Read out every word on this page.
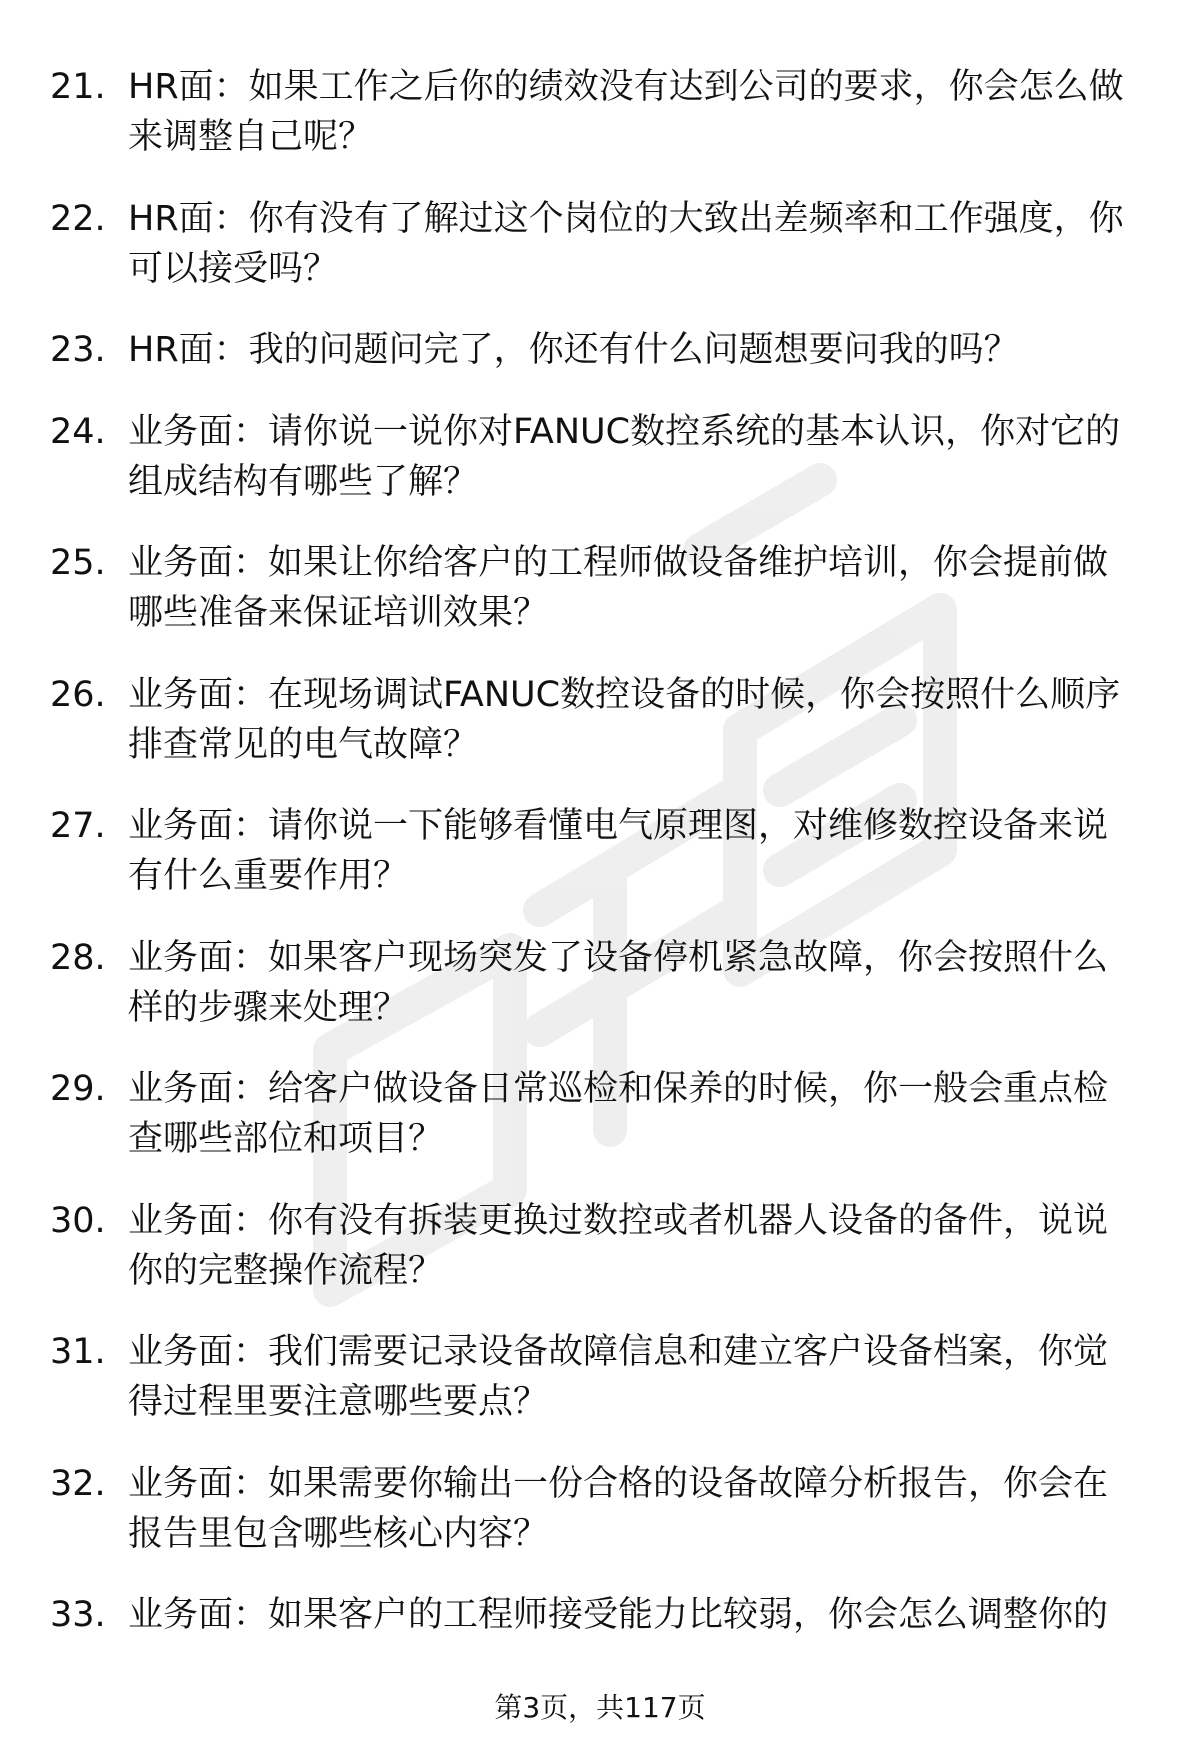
21. HR面：如果工作之后你的绩效没有达到公司的要求，你会怎么做
来调整自己呢？
22. HR面：你有没有了解过这个岗位的大致出差频率和工作强度，你
可以接受吗？
23. HR面：我的问题问完了，你还有什么问题想要问我的吗？
24. 业务面：请你说一说你对FANUC数控系统的基本认识，你对它的
组成结构有哪些了解？
25. 业务面：如果让你给客户的工程师做设备维护培训，你会提前做
哪些准备来保证培训效果？
26. 业务面：在现场调试FANUC数控设备的时候，你会按照什么顺序
排查常见的电气故障？
27. 业务面：请你说一下能够看懂电气原理图，对维修数控设备来说
有什么重要作用？
28. 业务面：如果客户现场突发了设备停机紧急故障，你会按照什么
样的步骤来处理？
29. 业务面：给客户做设备日常巡检和保养的时候，你一般会重点检
查哪些部位和项目？
30. 业务面：你有没有拆装更换过数控或者机器人设备的备件，说说
你的完整操作流程？
31. 业务面：我们需要记录设备故障信息和建立客户设备档案，你觉
得过程里要注意哪些要点？
32. 业务面：如果需要你输出一份合格的设备故障分析报告，你会在
报告里包含哪些核心内容？
33. 业务面：如果客户的工程师接受能力比较弱，你会怎么调整你的
第3页，共117页
